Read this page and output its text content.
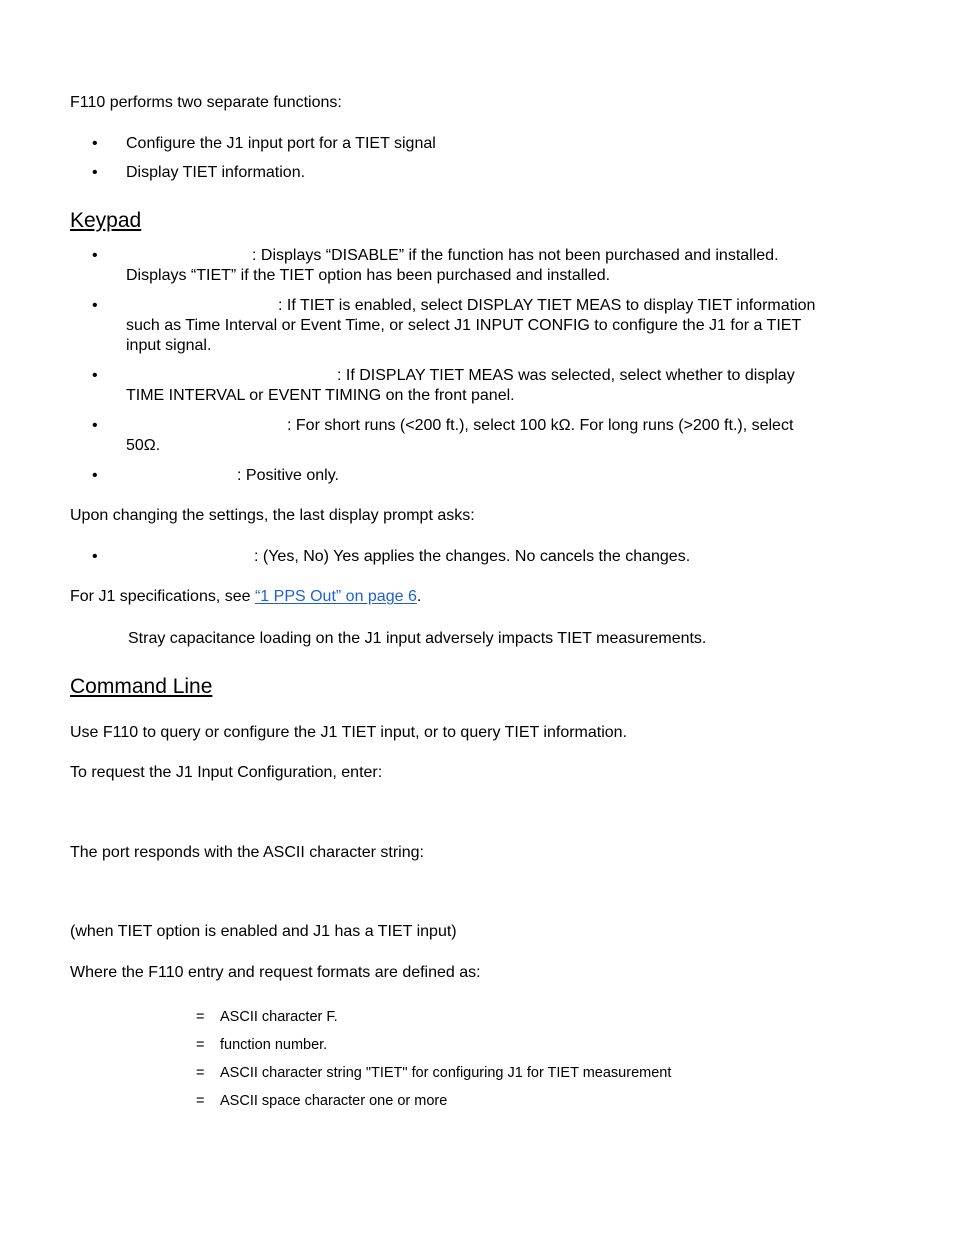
F110 performs two separate functions:
• Configure the J1 input port for a TIET signal
• Display TIET information.
Keypad
•	: Displays “DISABLE” if the function has not been purchased and installed.
Displays “TIET” if the TIET option has been purchased and installed.
•	: If TIET is enabled, select DISPLAY TIET MEAS to display TIET information
such as Time Interval or Event Time, or select J1 INPUT CONFIG to configure the J1 for a TIET
input signal.
•	: If DISPLAY TIET MEAS was selected, select whether to display
TIME INTERVAL or EVENT TIMING on the front panel.
•	: For short runs (<200 ft.), select 100 kΩ. For long runs (>200 ft.), select
50Ω.
•	: Positive only.
Upon changing the settings, the last display prompt asks:
•	: (Yes, No) Yes applies the changes. No cancels the changes.
For J1 specifications, see “1 PPS Out” on page 6.
Stray capacitance loading on the J1 input adversely impacts TIET measurements.
Command Line
Use F110 to query or configure the J1 TIET input, or to query TIET information.
To request the J1 Input Configuration, enter:
The port responds with the ASCII character string:
(when TIET option is enabled and J1 has a TIET input)
Where the F110 entry and request formats are defined as:
= ASCII character F.
= function number.
= ASCII character string "TIET" for configuring J1 for TIET measurement
= ASCII space character one or more
